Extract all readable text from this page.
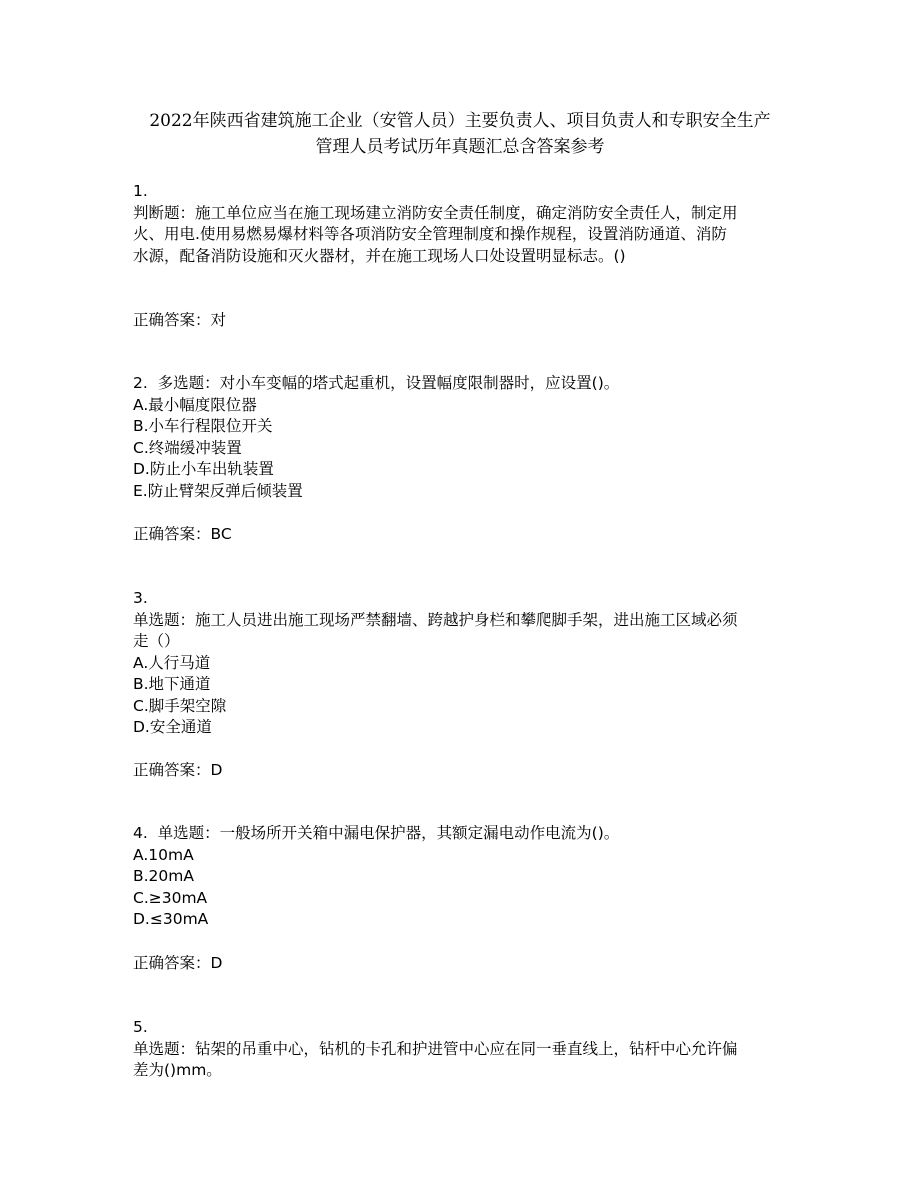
2022年陕西省建筑施工企业（安管人员）主要负责人、项目负责人和专职安全生产
管理人员考试历年真题汇总含答案参考
1.
判断题：施工单位应当在施工现场建立消防安全责任制度，确定消防安全责任人，制定用
火、用电.使用易燃易爆材料等各项消防安全管理制度和操作规程，设置消防通道、消防
水源，配备消防设施和灭火器材，并在施工现场人口处设置明显标志。()
正确答案：对
2.  多选题：对小车变幅的塔式起重机，设置幅度限制器时，应设置()。
A.最小幅度限位器
B.小车行程限位开关
C.终端缓冲装置
D.防止小车出轨装置
E.防止臂架反弹后倾装置
正确答案：BC
3.
单选题：施工人员进出施工现场严禁翻墙、跨越护身栏和攀爬脚手架，进出施工区域必须
走（）
A.人行马道
B.地下通道
C.脚手架空隙
D.安全通道
正确答案：D
4.  单选题：一般场所开关箱中漏电保护器，其额定漏电动作电流为()。
A.10mA
B.20mA
C.≥30mA
D.≤30mA
正确答案：D
5.
单选题：钻架的吊重中心，钻机的卡孔和护进管中心应在同一垂直线上，钻杆中心允许偏
差为()mm。
